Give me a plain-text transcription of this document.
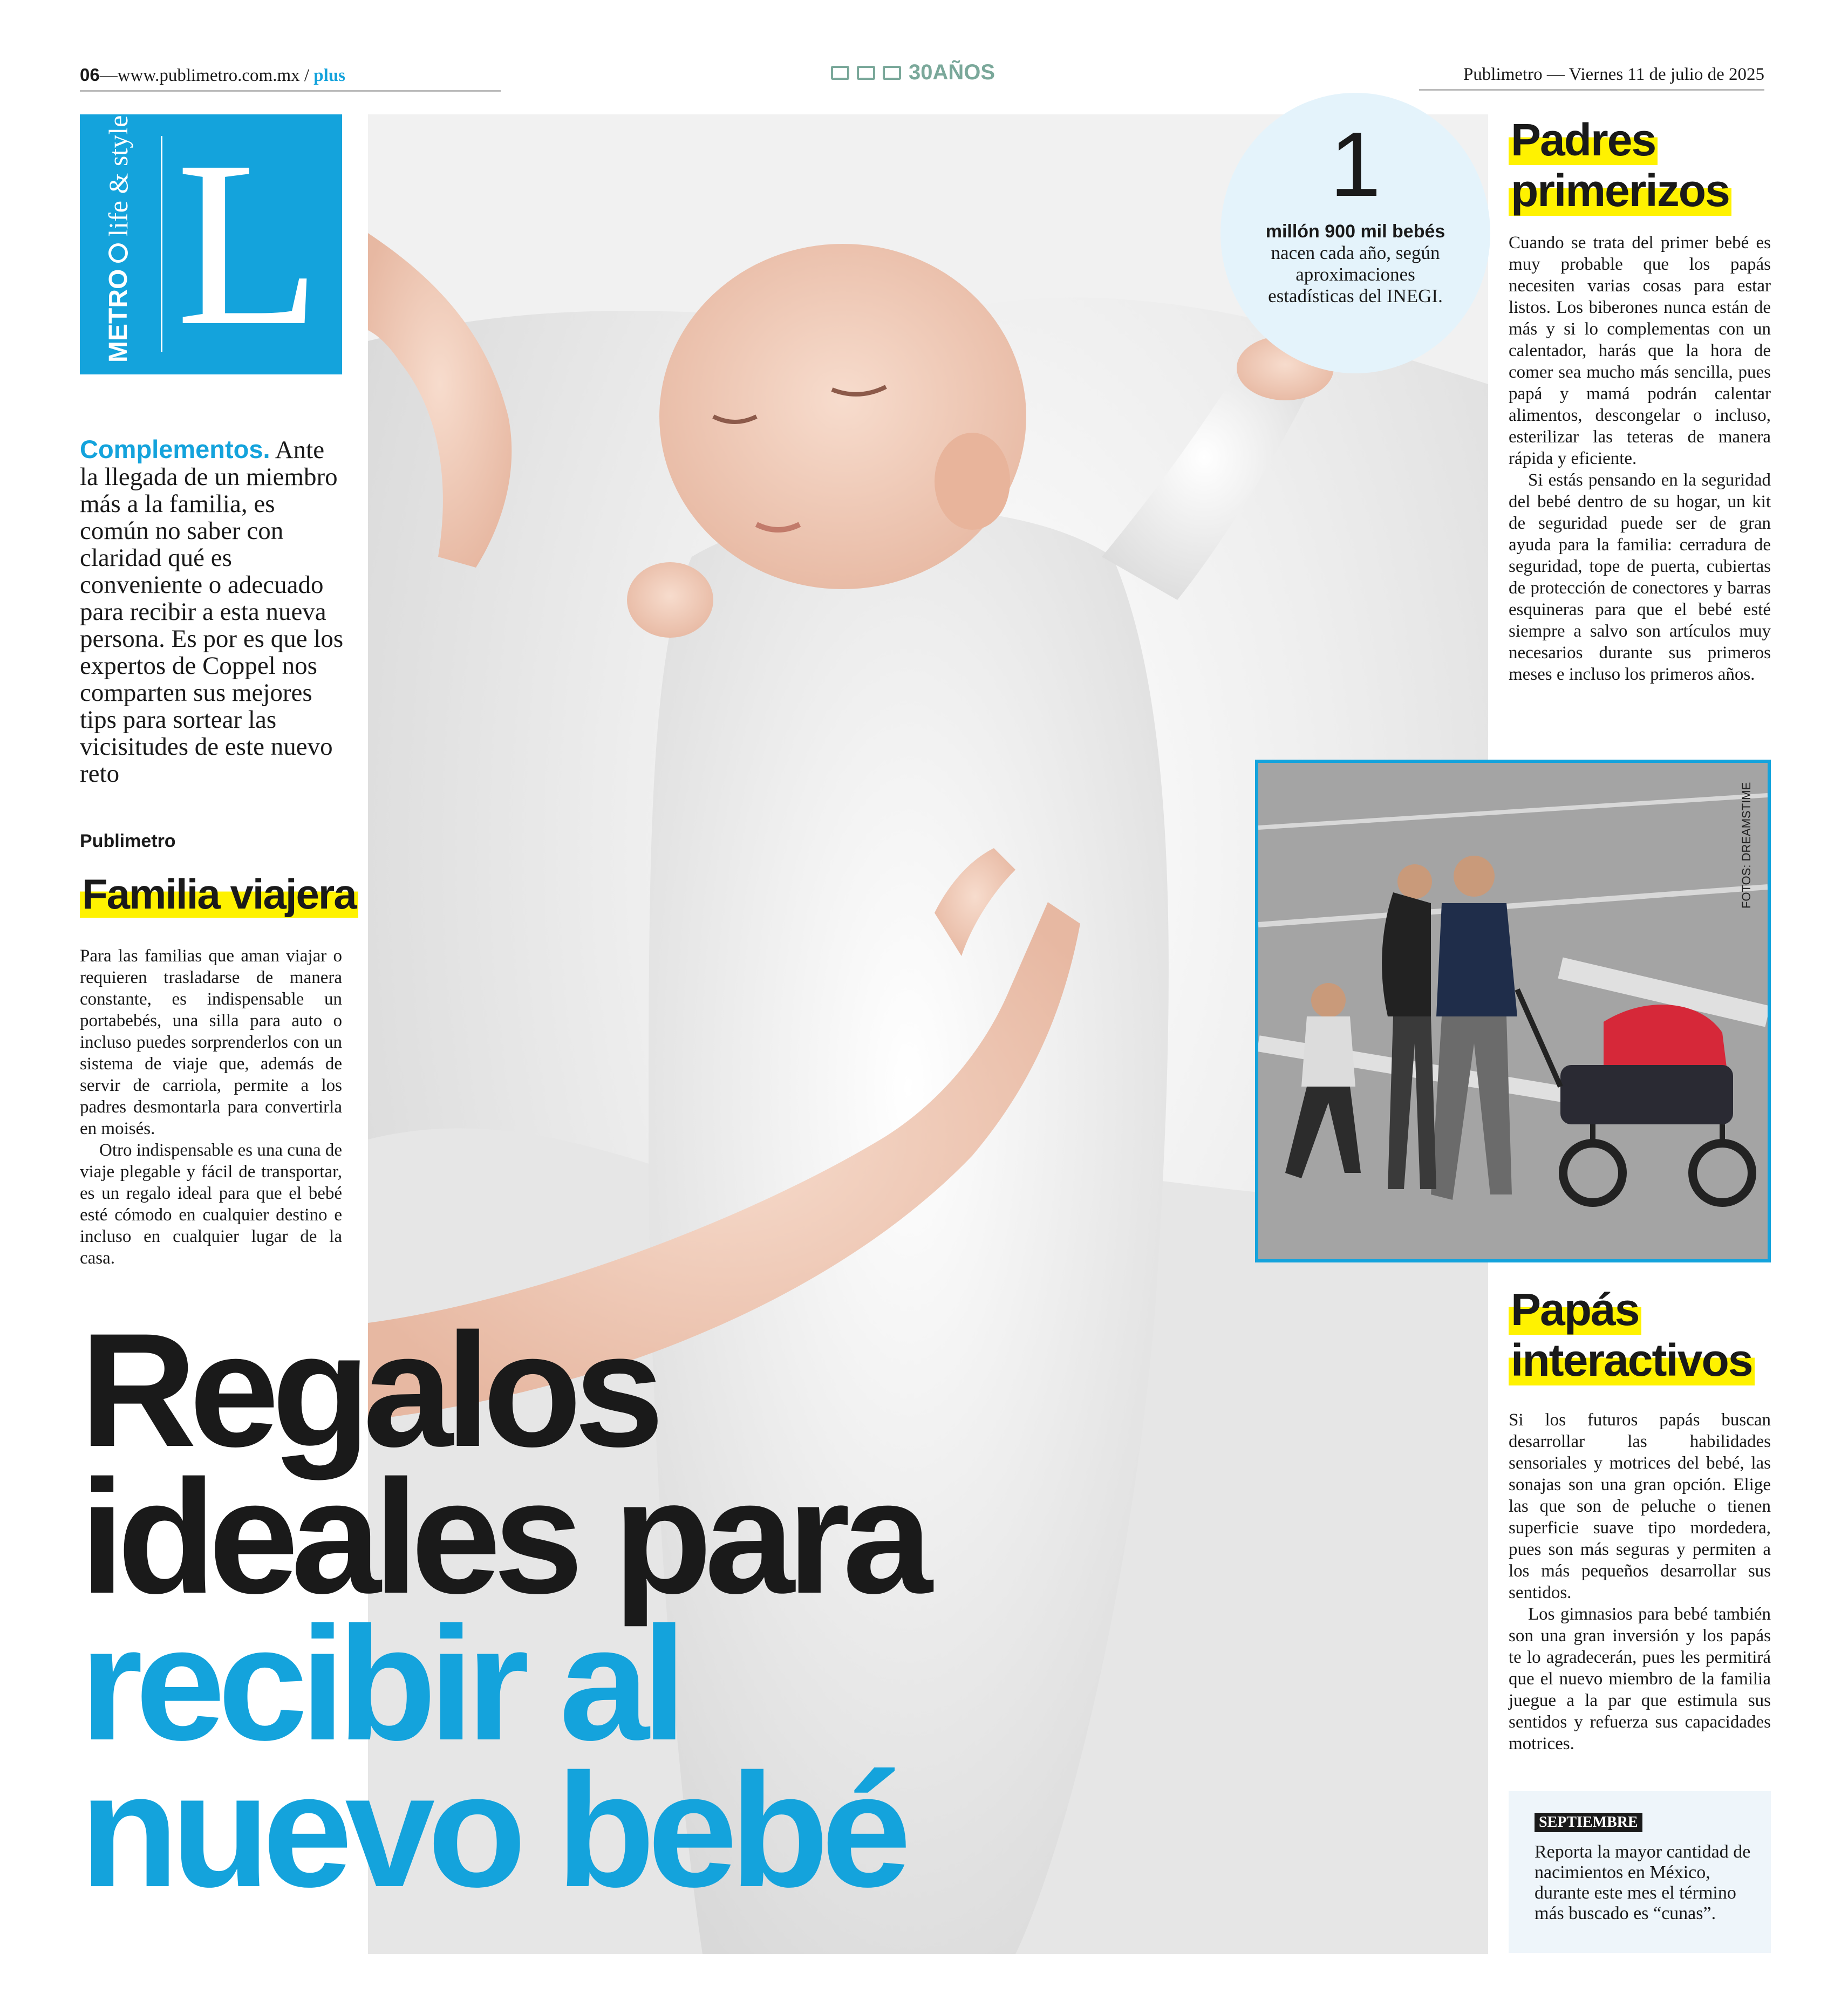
06—www.publimetro.com.mx / plus	30AÑOS	Publimetro — Viernes 11 de julio de 2025
METRO
life & style L	1
millón 900 mil bebés
nacen cada año, según aproximaciones estadísticas del INEGI.
Complementos. Ante la llegada de un miembro más a la familia, es común no saber con claridad qué es conveniente o adecuado para recibir a esta nueva persona. Es por es que los expertos de Coppel nos comparten sus mejores tips para sortear las vicisitudes de este nuevo reto
Publimetro
Familia viajera

Para las familias que aman viajar o requieren trasladarse de manera constante, es indispensable un portabebés, una silla para auto o incluso puedes sorprenderlos con un sistema de viaje que, además de servir de carriola, permite a los padres desmontarla para convertirla en moisés.

Otro indispensable es una cuna de viaje plegable y fácil de transportar, es un regalo ideal para que el bebé esté cómodo en cualquier destino e incluso en cualquier lugar de la casa.

Padres
primerizos

Cuando se trata del primer bebé es muy probable que los papás necesiten varias cosas para estar listos. Los biberones nunca están de más y si lo complementas con un calentador, harás que la hora de comer sea mucho más sencilla, pues papá y mamá podrán calentar alimentos, descongelar o incluso, esterilizar las teteras de manera rápida y eficiente.

Si estás pensando en la seguridad del bebé dentro de su hogar, un kit de seguridad puede ser de gran ayuda para la familia: cerradura de seguridad, tope de puerta, cubiertas de protección de conectores y barras esquineras para que el bebé esté siempre a salvo son artículos muy necesarios durante sus primeros meses e incluso los primeros años.

FOTOS: DREAMSTIME
Papás
interactivos

Si los futuros papás buscan desarrollar las habilidades sensoriales y motrices del bebé, las sonajas son una gran opción. Elige las que son de peluche o tienen superficie suave tipo mordedera, pues son más seguras y permiten a los más pequeños desarrollar sus sentidos.

Los gimnasios para bebé también son una gran inversión y los papás te lo agradecerán, pues les permitirá que el nuevo miembro de la familia juegue a la par que estimula sus sentidos y refuerza sus capacidades motrices.

Regalos
ideales para
recibir al
nuevo bebé	SEPTIEMBRE
Reporta la mayor cantidad de nacimientos en México, durante este mes el término más buscado es “cunas”.
